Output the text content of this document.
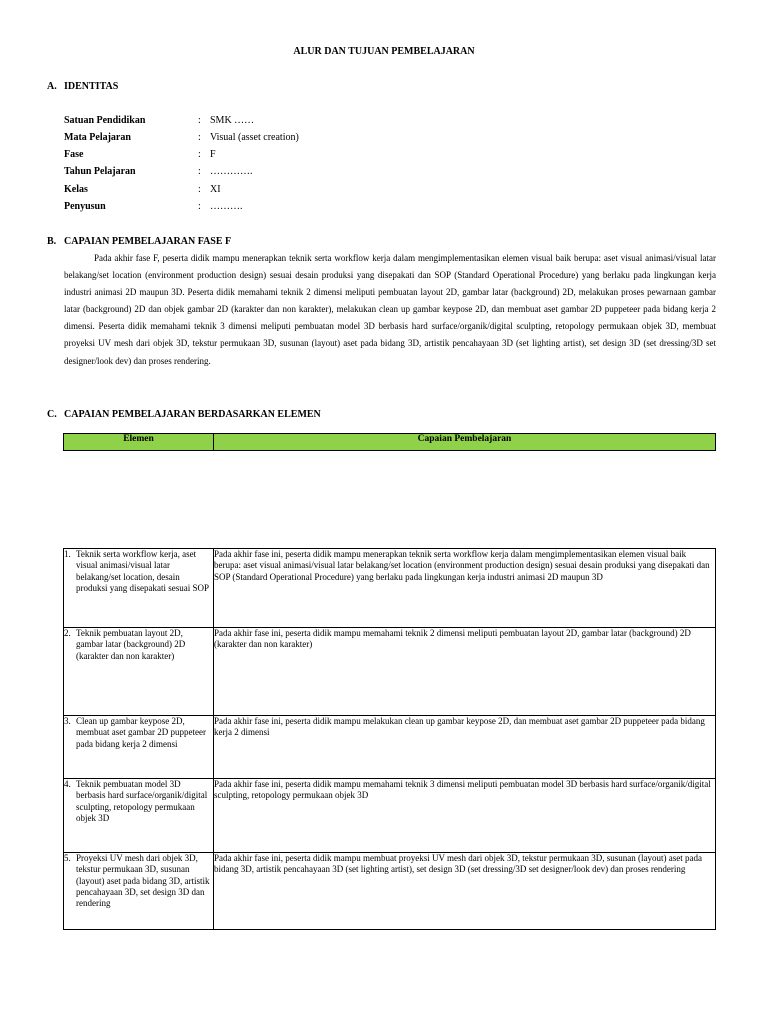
ALUR DAN TUJUAN PEMBELAJARAN
A. IDENTITAS
Satuan Pendidikan	: SMK ……
Mata Pelajaran	: Visual (asset creation)
Fase	: F
Tahun Pelajaran	: ………….
Kelas	: XI
Penyusun	: ……….
B. CAPAIAN PEMBELAJARAN FASE F
Pada akhir fase F, peserta didik mampu menerapkan teknik serta workflow kerja dalam mengimplementasikan elemen visual baik berupa: aset visual animasi/visual latar belakang/set location (environment production design) sesuai desain produksi yang disepakati dan SOP (Standard Operational Procedure) yang berlaku pada lingkungan kerja industri animasi 2D maupun 3D. Peserta didik memahami teknik 2 dimensi meliputi pembuatan layout 2D, gambar latar (background) 2D, melakukan proses pewarnaan gambar latar (background) 2D dan objek gambar 2D (karakter dan non karakter), melakukan clean up gambar keypose 2D, dan membuat aset gambar 2D puppeteer pada bidang kerja 2 dimensi. Peserta didik memahami teknik 3 dimensi meliputi pembuatan model 3D berbasis hard surface/organik/digital sculpting, retopology permukaan objek 3D, membuat proyeksi UV mesh dari objek 3D, tekstur permukaan 3D, susunan (layout) aset pada bidang 3D, artistik pencahayaan 3D (set lighting artist), set design 3D (set dressing/3D set designer/look dev) dan proses rendering.
C. CAPAIAN PEMBELAJARAN BERDASARKAN ELEMEN
Elemen	Capaian Pembelajaran
1. Teknik serta workflow kerja, aset visual animasi/visual latar belakang/set location, desain produksi yang disepakati sesuai SOP	Pada akhir fase ini, peserta didik mampu menerapkan teknik serta workflow kerja dalam mengimplementasikan elemen visual baik berupa: aset visual animasi/visual latar belakang/set location (environment production design) sesuai desain produksi yang disepakati dan SOP (Standard Operational Procedure) yang berlaku pada lingkungan kerja industri animasi 2D maupun 3D

2. Teknik pembuatan layout 2D, gambar latar (background) 2D (karakter dan non karakter)	Pada akhir fase ini, peserta didik mampu memahami teknik 2 dimensi meliputi pembuatan layout 2D, gambar latar (background) 2D (karakter dan non karakter)

3. Clean up gambar keypose 2D, membuat aset gambar 2D puppeteer pada bidang kerja 2 dimensi	Pada akhir fase ini, peserta didik mampu melakukan clean up gambar keypose 2D, dan membuat aset gambar 2D puppeteer pada bidang kerja 2 dimensi

4. Teknik pembuatan model 3D berbasis hard surface/organik/digital sculpting, retopology permukaan objek 3D	Pada akhir fase ini, peserta didik mampu memahami teknik 3 dimensi meliputi pembuatan model 3D berbasis hard surface/organik/digital sculpting, retopology permukaan objek 3D

5. Proyeksi UV mesh dari objek 3D, tekstur permukaan 3D, susunan (layout) aset pada bidang 3D, artistik pencahayaan 3D, set design 3D dan rendering	Pada akhir fase ini, peserta didik mampu membuat proyeksi UV mesh dari objek 3D, tekstur permukaan 3D, susunan (layout) aset pada bidang 3D, artistik pencahayaan 3D (set lighting artist), set design 3D (set dressing/3D set designer/look dev) dan proses rendering
